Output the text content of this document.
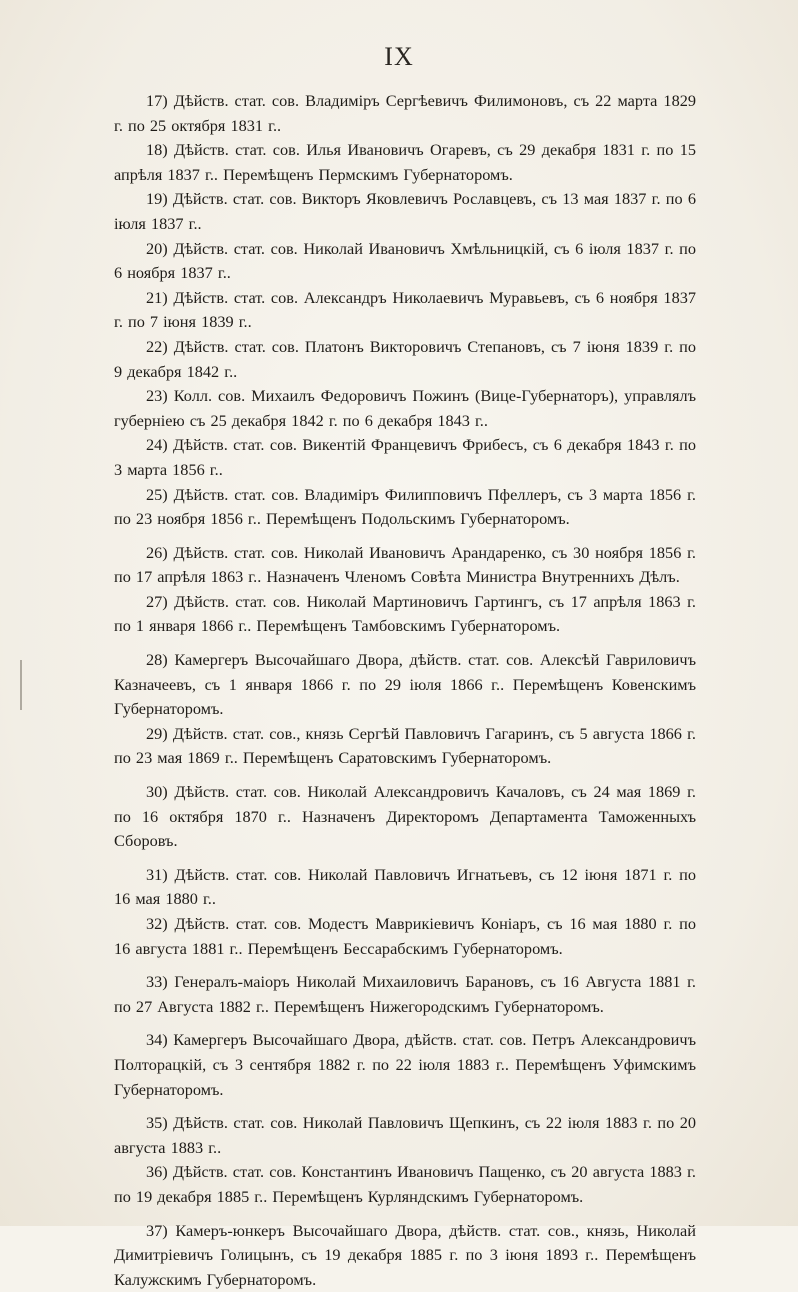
IX

17) Дѣйств. стат. сов. Владиміръ Сергѣевичъ Филимоновъ, съ 22 марта 1829 г. по 25 октября 1831 г..

18) Дѣйств. стат. сов. Илья Ивановичъ Огаревъ, съ 29 декабря 1831 г. по 15 апрѣля 1837 г.. Перемѣщенъ Пермскимъ Губернаторомъ.

19) Дѣйств. стат. сов. Викторъ Яковлевичъ Рославцевъ, съ 13 мая 1837 г. по 6 іюля 1837 г..

20) Дѣйств. стат. сов. Николай Ивановичъ Хмѣльницкій, съ 6 іюля 1837 г. по 6 ноября 1837 г..

21) Дѣйств. стат. сов. Александръ Николаевичъ Муравьевъ, съ 6 ноября 1837 г. по 7 іюня 1839 г..

22) Дѣйств. стат. сов. Платонъ Викторовичъ Степановъ, съ 7 іюня 1839 г. по 9 декабря 1842 г..

23) Колл. сов. Михаилъ Федоровичъ Пожинъ (Вице-Губернаторъ), управлялъ губерніею съ 25 декабря 1842 г. по 6 декабря 1843 г..

24) Дѣйств. стат. сов. Викентій Францевичъ Фрибесъ, съ 6 декабря 1843 г. по 3 марта 1856 г..

25) Дѣйств. стат. сов. Владиміръ Филипповичъ Пфеллеръ, съ 3 марта 1856 г. по 23 ноября 1856 г.. Перемѣщенъ Подольскимъ Губернаторомъ.

26) Дѣйств. стат. сов. Николай Ивановичъ Арандаренко, съ 30 ноября 1856 г. по 17 апрѣля 1863 г.. Назначенъ Членомъ Совѣта Министра Внутреннихъ Дѣлъ.

27) Дѣйств. стат. сов. Николай Мартиновичъ Гартингъ, съ 17 апрѣля 1863 г. по 1 января 1866 г.. Перемѣщенъ Тамбовскимъ Губернаторомъ.

28) Камергеръ Высочайшаго Двора, дѣйств. стат. сов. Алексѣй Гавриловичъ Казначеевъ, съ 1 января 1866 г. по 29 іюля 1866 г.. Перемѣщенъ Ковенскимъ Губернаторомъ.

29) Дѣйств. стат. сов., князь Сергѣй Павловичъ Гагаринъ, съ 5 августа 1866 г. по 23 мая 1869 г.. Перемѣщенъ Саратовскимъ Губернаторомъ.

30) Дѣйств. стат. сов. Николай Александровичъ Качаловъ, съ 24 мая 1869 г. по 16 октября 1870 г.. Назначенъ Директоромъ Департамента Таможенныхъ Сборовъ.

31) Дѣйств. стат. сов. Николай Павловичъ Игнатьевъ, съ 12 іюня 1871 г. по 16 мая 1880 г..

32) Дѣйств. стат. сов. Модестъ Маврикіевичъ Коніаръ, съ 16 мая 1880 г. по 16 августа 1881 г.. Перемѣщенъ Бессарабскимъ Губернаторомъ.

33) Генералъ-маіоръ Николай Михаиловичъ Барановъ, съ 16 Августа 1881 г. по 27 Августа 1882 г.. Перемѣщенъ Нижегородскимъ Губернаторомъ.

34) Камергеръ Высочайшаго Двора, дѣйств. стат. сов. Петръ Александровичъ Полторацкій, съ 3 сентября 1882 г. по 22 іюля 1883 г.. Перемѣщенъ Уфимскимъ Губернаторомъ.

35) Дѣйств. стат. сов. Николай Павловичъ Щепкинъ, съ 22 іюля 1883 г. по 20 августа 1883 г..

36) Дѣйств. стат. сов. Константинъ Ивановичъ Пащенко, съ 20 августа 1883 г. по 19 декабря 1885 г.. Перемѣщенъ Курляндскимъ Губернаторомъ.

37) Камеръ-юнкеръ Высочайшаго Двора, дѣйств. стат. сов., князь, Николай Димитріевичъ Голицынъ, съ 19 декабря 1885 г. по 3 іюня 1893 г.. Перемѣщенъ Калужскимъ Губернаторомъ.
